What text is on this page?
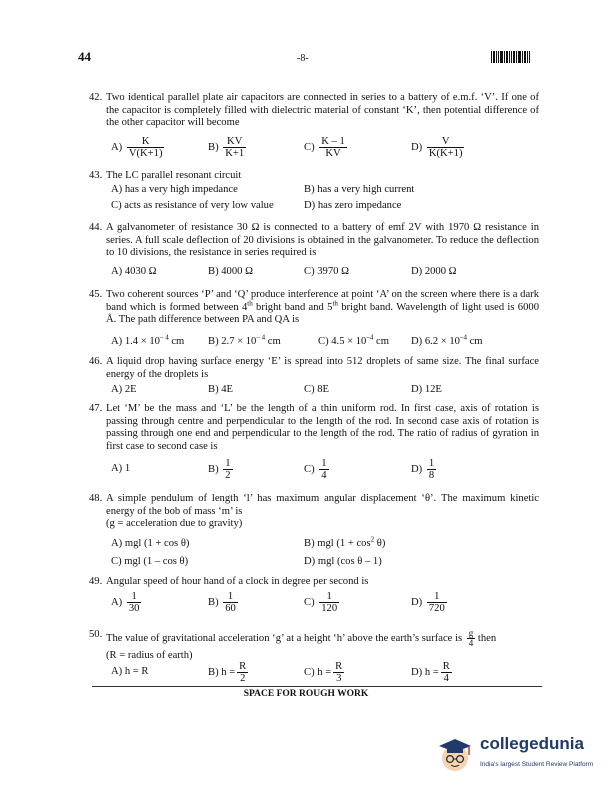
44	-8-
42. Two identical parallel plate air capacitors are connected in series to a battery of e.m.f. ‘V’. If one of the capacitor is completely filled with dielectric material of constant ‘K’, then potential difference of the other capacitor will become
$A) \frac{K}{V(K+1)}$	$B) \frac{KV}{K+1}$	$C) \frac{K - 1}{KV}$	$D) \frac{V}{K(K+1)}$
43. The LC parallel resonant circuit
A) has a very high impedance	B) has a very high current
C) acts as resistance of very low value	D) has zero impedance
44. A galvanometer of resistance 30 Ω is connected to a battery of emf 2V with 1970 Ω resistance in series. A full scale deflection of 20 divisions is obtained in the galvanometer. To reduce the deflection to 10 divisions, the resistance in series required is
A) 4030 Ω	B) 4000 Ω	C) 3970 Ω	D) 2000 Ω
45. Two coherent sources ‘P’ and ‘Q’ produce interference at point ‘A’ on the screen where there is a dark band which is formed between 4th bright band and 5th bright band. Wavelength of light used is 6000 Å. The path difference between PA and QA is
A) $1.4 \times 10^{- 4}$ cm B) $2.7 \times 10^{- 4}$ cm	C) $4.5 \times 10^{-4}$ cm D) $6.2 \times 10^{-4}$ cm
46. A liquid drop having surface energy ‘E’ is spread into 512 droplets of same size. The final surface energy of the droplets is
A) 2E	B) 4E	C) 8E	D) 12E
47. Let ‘M’ be the mass and ‘L’ be the length of a thin uniform rod. In first case, axis of rotation is passing through centre and perpendicular to the length of the rod. In second case axis of rotation is passing through one end and perpendicular to the length of the rod. The ratio of radius of gyration in first case to second case is
A) 1	$B) \frac{1}{2}$	$C) \frac{1}{4}$	$D) \frac{1}{8}$
48. A simple pendulum of length ‘l’ has maximum angular displacement ‘θ’. The maximum kinetic energy of the bob of mass ‘m’ is
(g = acceleration due to gravity)
A) mgl (1 + cos θ)	B) mgl $(1 + \cos^2 \theta)$
C) mgl (1 – cos θ)	D) mgl (cos θ – 1)
49. Angular speed of hour hand of a clock in degree per second is
$A) \frac{1}{30}$	$B) \frac{1}{60}$	$C) \frac{1}{120}$	$D) \frac{1}{720}$
50. The value of gravitational acceleration ‘g’ at a height ‘h’ above the earth’s surface is $\frac{g}{4}$ then
(R = radius of earth)
A) h = R	B) $h = \frac{R}{2}$	C) $h = \frac{R}{3}$	D) $h = \frac{R}{4}$
SPACE FOR ROUGH WORK
collegedunia
India's largest Student Review Platform
